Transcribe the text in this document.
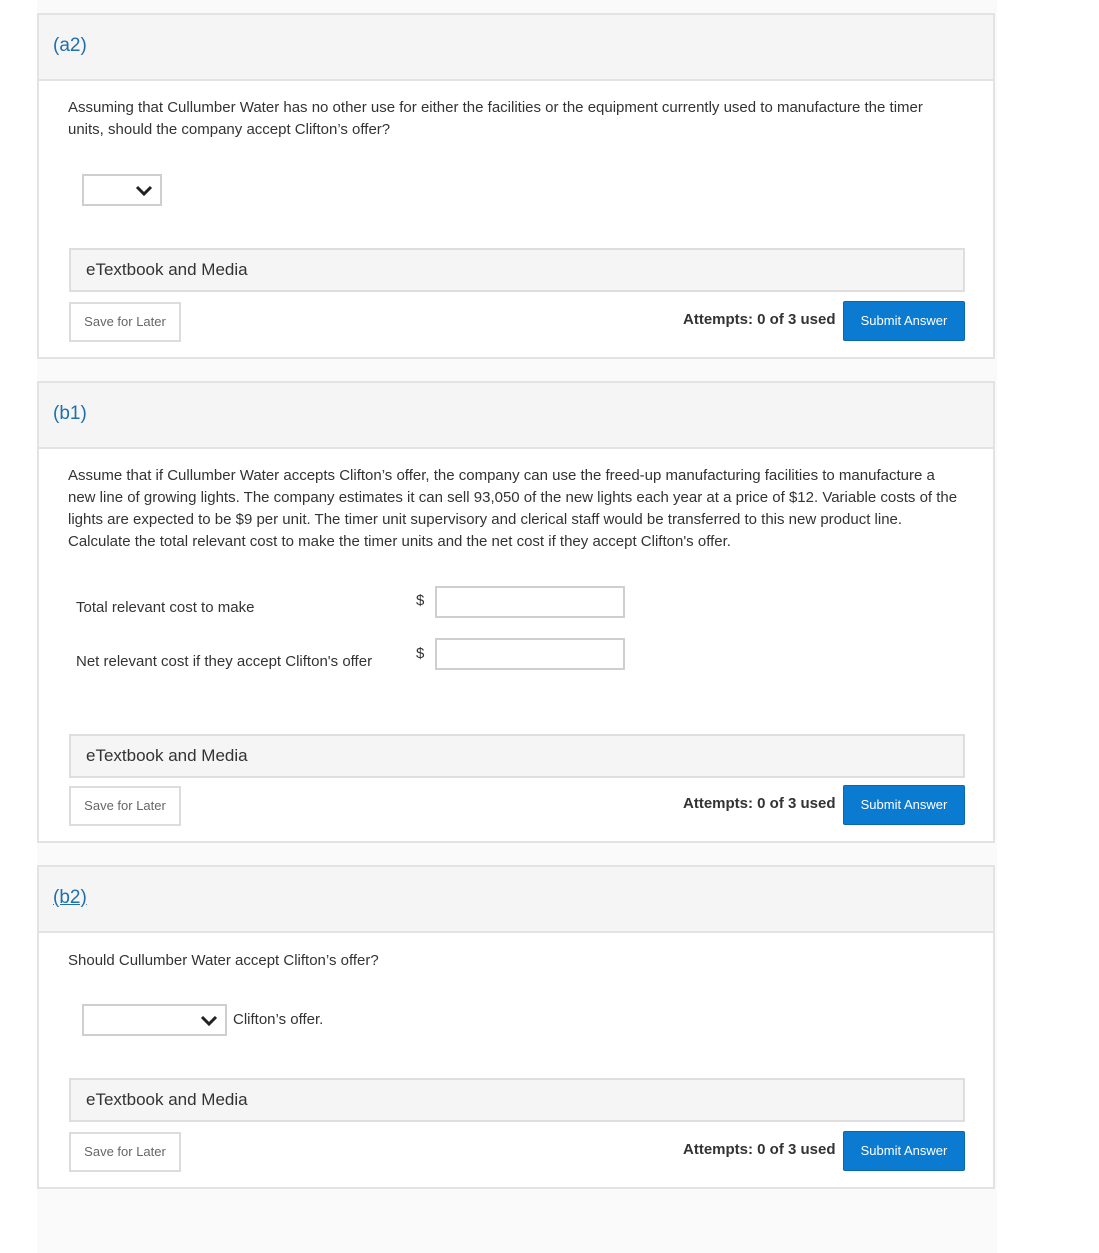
(a2)
Assuming that Cullumber Water has no other use for either the facilities or the equipment currently used to manufacture the timer units, should the company accept Clifton’s offer?
eTextbook and Media
Save for Later	Attempts: 0 of 3 used	Submit Answer
(b1)
Assume that if Cullumber Water accepts Clifton’s offer, the company can use the freed-up manufacturing facilities to manufacture a new line of growing lights. The company estimates it can sell 93,050 of the new lights each year at a price of $12. Variable costs of the lights are expected to be $9 per unit. The timer unit supervisory and clerical staff would be transferred to this new product line. Calculate the total relevant cost to make the timer units and the net cost if they accept Clifton's offer.
Total relevant cost to make	$
Net relevant cost if they accept Clifton's offer	$
eTextbook and Media
Save for Later	Attempts: 0 of 3 used	Submit Answer
(b2)
Should Cullumber Water accept Clifton’s offer?
Clifton’s offer.
eTextbook and Media
Save for Later	Attempts: 0 of 3 used	Submit Answer
